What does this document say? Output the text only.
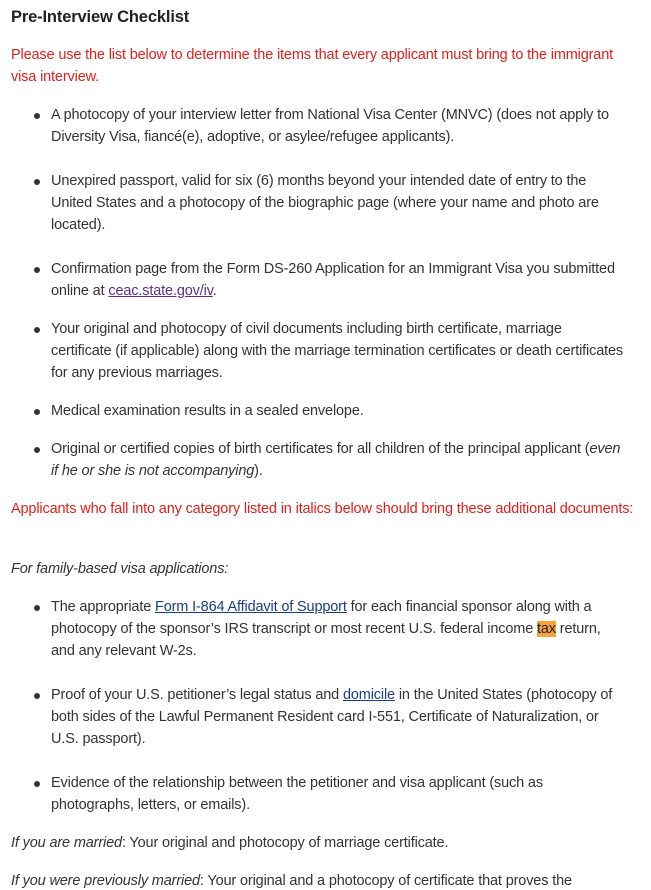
Pre-Interview Checklist

Please use the list below to determine the items that every applicant must bring to the immigrant visa interview.

A photocopy of your interview letter from National Visa Center (MNVC) (does not apply to Diversity Visa, fiancé(e), adoptive, or asylee/refugee applicants).

Unexpired passport, valid for six (6) months beyond your intended date of entry to the United States and a photocopy of the biographic page (where your name and photo are located).

Confirmation page from the Form DS-260 Application for an Immigrant Visa you submitted online at ceac.state.gov/iv.

Your original and photocopy of civil documents including birth certificate, marriage certificate (if applicable) along with the marriage termination certificates or death certificates for any previous marriages.

Medical examination results in a sealed envelope.

Original or certified copies of birth certificates for all children of the principal applicant (even if he or she is not accompanying).

Applicants who fall into any category listed in italics below should bring these additional documents:

For family-based visa applications:

The appropriate Form I-864 Affidavit of Support for each financial sponsor along with a photocopy of the sponsor’s IRS transcript or most recent U.S. federal income tax return, and any relevant W-2s.

Proof of your U.S. petitioner’s legal status and domicile in the United States (photocopy of both sides of the Lawful Permanent Resident card I-551, Certificate of Naturalization, or U.S. passport).

Evidence of the relationship between the petitioner and visa applicant (such as photographs, letters, or emails).

If you are married: Your original and photocopy of marriage certificate.

If you were previously married: Your original and a photocopy of certificate that proves the
